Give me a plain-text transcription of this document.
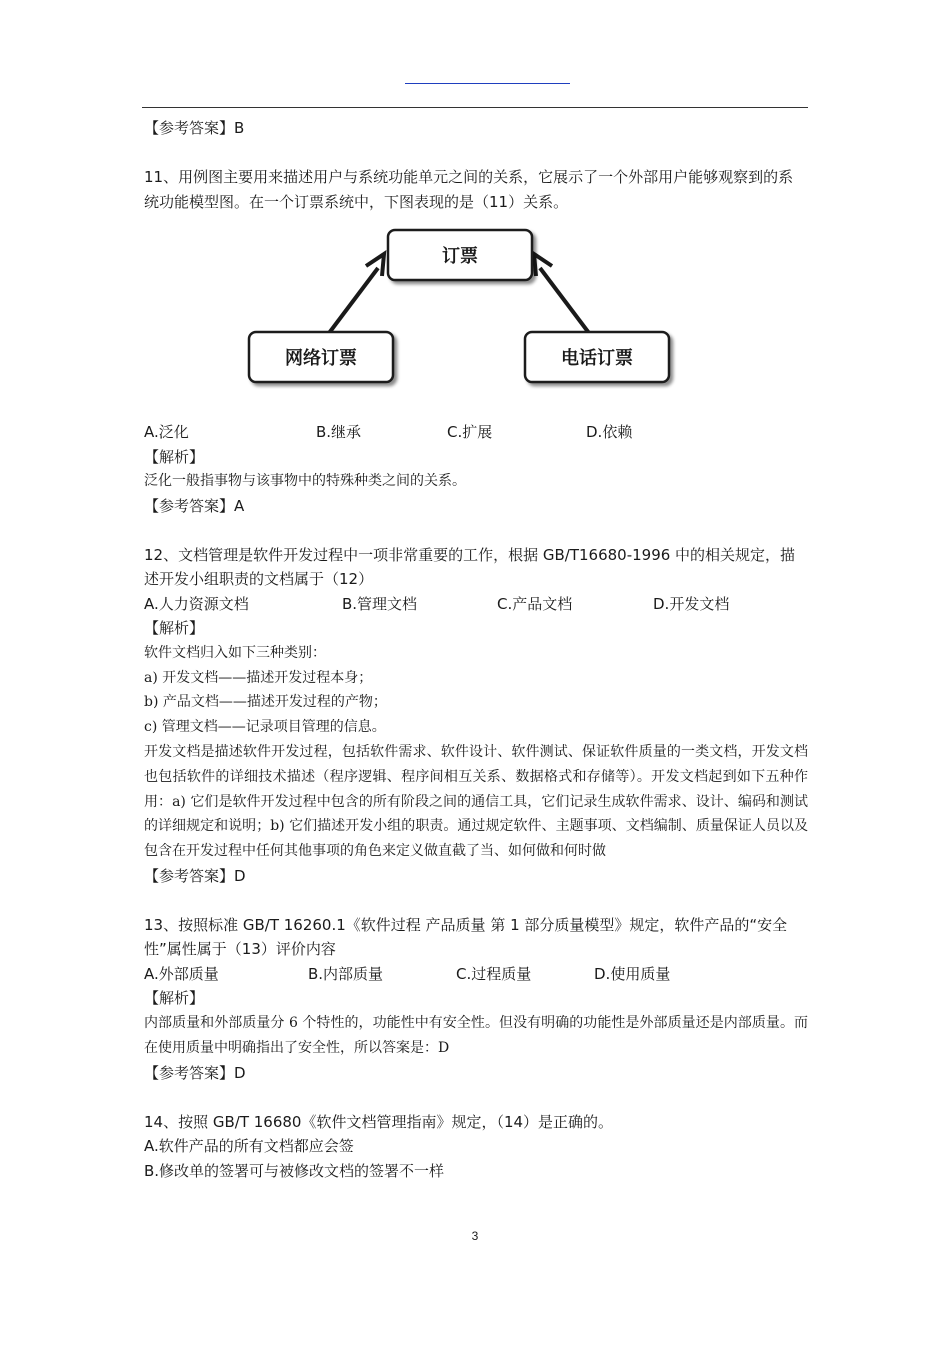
【参考答案】B
11、用例图主要用来描述用户与系统功能单元之间的关系，它展示了一个外部用户能够观察到的系统功能模型图。在一个订票系统中，下图表现的是（11）关系。
订票
网络订票	电话订票
A.泛化	B.继承	C.扩展	D.依赖
【解析】
泛化一般指事物与该事物中的特殊种类之间的关系。
【参考答案】A
12、文档管理是软件开发过程中一项非常重要的工作，根据 GB/T16680-1996 中的相关规定，描述开发小组职责的文档属于（12）
A.人力资源文档	B.管理文档	C.产品文档	D.开发文档
【解析】
软件文档归入如下三种类别：
a) 开发文档——描述开发过程本身；
b) 产品文档——描述开发过程的产物；
c) 管理文档——记录项目管理的信息。
开发文档是描述软件开发过程，包括软件需求、软件设计、软件测试、保证软件质量的一类文档，开发文档也包括软件的详细技术描述（程序逻辑、程序间相互关系、数据格式和存储等）。开发文档起到如下五种作用：a) 它们是软件开发过程中包含的所有阶段之间的通信工具，它们记录生成软件需求、设计、编码和测试的详细规定和说明；b) 它们描述开发小组的职责。通过规定软件、主题事项、文档编制、质量保证人员以及包含在开发过程中任何其他事项的角色来定义做直截了当、如何做和何时做
【参考答案】D
13、按照标准 GB/T 16260.1《软件过程 产品质量 第 1 部分质量模型》规定，软件产品的“安全性”属性属于（13）评价内容
A.外部质量	B.内部质量	C.过程质量	D.使用质量
【解析】
内部质量和外部质量分 6 个特性的，功能性中有安全性。但没有明确的功能性是外部质量还是内部质量。而在使用质量中明确指出了安全性，所以答案是：D
【参考答案】D
14、按照 GB/T 16680《软件文档管理指南》规定，（14）是正确的。
A.软件产品的所有文档都应会签
B.修改单的签署可与被修改文档的签署不一样
3
